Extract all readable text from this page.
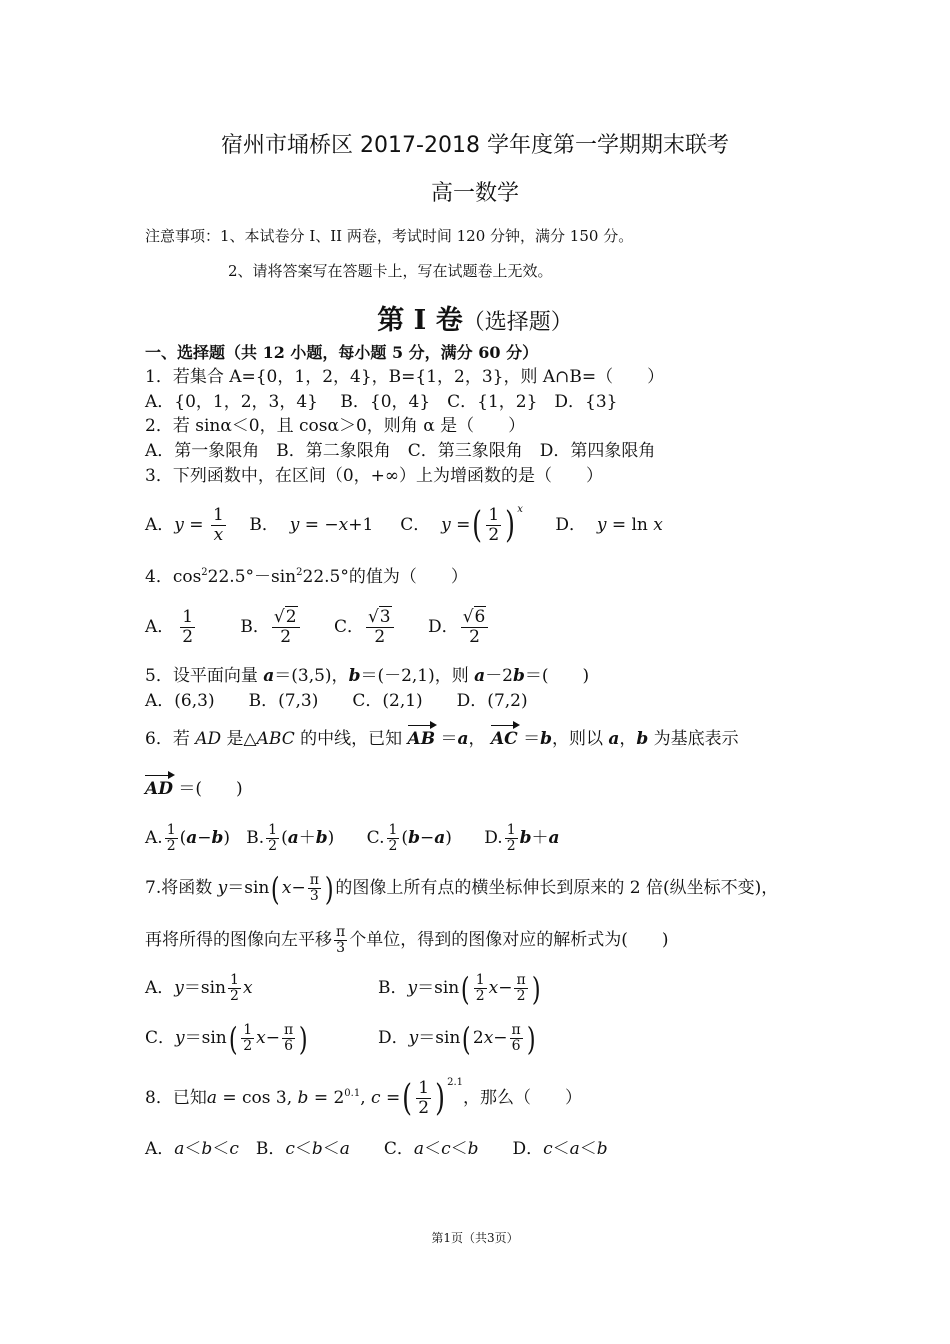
宿州市埇桥区 2017-2018 学年度第一学期期末联考
高一数学
注意事项：1、本试卷分 I、II 两卷，考试时间 120 分钟，满分 150 分。
2、请将答案写在答题卡上，写在试题卷上无效。
第 I 卷（选择题）
一、选择题（共 12 小题，每小题 5 分，满分 60 分）
1．若集合 A={0，1，2，4}，B={1，2，3}，则 A∩B=（　　）
A．{0，1，2，3，4}　 B．{0，4}　C．{1，2}　D．{3}
2．若 sinα＜0，且 cosα＞0，则角 α 是（　　）
A．第一象限角　B．第二象限角　C．第三象限角　D．第四象限角
3．下列函数中，在区间（0，+∞）上为增函数的是（　　）
A．$y = \frac{1}{x}$ B．  y = −x+1     C．  y =( $\frac{1}{2}$ ) $^x$      D．  y = ln x
4．$\cos^222.5^\circ-\sin^222.5^\circ$的值为（　　）
A． $\frac{1}{2}$ B． $\frac{√2}{2}$ C． $\frac{√3}{2}$ D． $\frac{√6}{2}$
5．设平面向量 a＝(3,5)，b＝(－2,1)，则 a－2b＝(　　)
A．(6,3)　　B．(7,3)　　C．(2,1)　　D．(7,2)
6．若 AD 是△ABC 的中线，已知 AB ＝a， AC ＝b，则以 a，b 为基底表示
AD ＝(　　)
A. $\frac{1}{2} (a-b)$   B. $\frac{1}{2} (a+b)$      C. $\frac{1}{2} (b-a)$      D. $\frac{1}{2} b+a$
7.将函数 y＝sin( $x- \frac{\pi}{3}$ ) 的图像上所有点的横坐标伸长到原来的 2 倍(纵坐标不变)，
再将所得的图像向左平移 $\frac{\pi}{3}$ 个单位，得到的图像对应的解析式为(　　)
A．$y=\sin \frac{1}{2}$ x	B．$y=\sin( \frac{1}{2} x- \frac{\pi}{2}$ )
C．$y=\sin( \frac{1}{2} x- \frac{\pi}{6}$ )	D．y＝sin( $2x- \frac{\pi}{6}$ )
8．已知a = cos 3, $b = 2^{0.1}$, c =( $\frac{1}{2}$ ) $^{2.1}$，那么（　　）
A．a＜b＜c　B．c＜b＜a　　C．a＜c＜b　　D．c＜a＜b
第1页（共3页）
